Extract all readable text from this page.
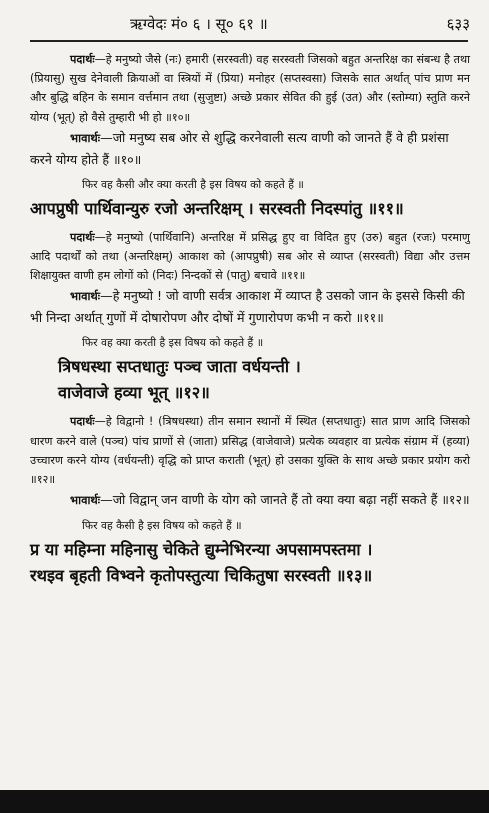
ऋग्वेदः मं० ६ । सू० ६१ ॥	६३३

पदार्थः—हे मनुष्यो जैसे (नः) हमारी (सरस्वती) वह सरस्वती जिसको बहुत अन्तरिक्ष का संबन्ध है तथा (प्रियासु) सुख देनेवाली क्रियाओं वा स्त्रियों में (प्रिया) मनोहर (सप्तस्वसा) जिसके सात अर्थात् पांच प्राण मन और बुद्धि बहिन के समान वर्त्तमान तथा (सुजुष्टा) अच्छे प्रकार सेवित की हुई (उत) और (स्तोम्या) स्तुति करने योग्य (भूत्) हो वैसे तुम्हारी भी हो ॥१०॥

भावार्थः—जो मनुष्य सब ओर से शुद्धि करनेवाली सत्य वाणी को जानते हैं वे ही प्रशंसा करने योग्य होते हैं ॥१०॥

फिर वह कैसी और क्या करती है इस विषय को कहते हैं ॥

आपप्रुषी पार्थिवान्युरु रजो अन्तरिक्षम् । सरस्वती निदस्पांतु ॥११॥

पदार्थः—हे मनुष्यो (पार्थिवानि) अन्तरिक्ष में प्रसिद्ध हुए वा विदित हुए (उरु) बहुत (रजः) परमाणु आदि पदार्थों को तथा (अन्तरिक्षम्) आकाश को (आपप्रुषी) सब ओर से व्याप्त (सरस्वती) विद्या और उत्तम शिक्षायुक्त वाणी हम लोगों को (निदः) निन्दकों से (पातु) बचावे ॥११॥

भावार्थः—हे मनुष्यो ! जो वाणी सर्वत्र आकाश में व्याप्त है उसको जान के इससे किसी की भी निन्दा अर्थात् गुणों में दोषारोपण और दोषों में गुणारोपण कभी न करो ॥११॥

फिर वह क्या करती है इस विषय को कहते हैं ॥

त्रिषधस्था सप्तधातुः पञ्च जाता वर्धयन्ती ।

वाजेवाजे हव्या भूत् ॥१२॥

पदार्थः—हे विद्वानो ! (त्रिषधस्था) तीन समान स्थानों में स्थित (सप्तधातुः) सात प्राण आदि जिसको धारण करने वाले (पञ्च) पांच प्राणों से (जाता) प्रसिद्ध (वाजेवाजे) प्रत्येक व्यवहार वा प्रत्येक संग्राम में (हव्या) उच्चारण करने योग्य (वर्धयन्ती) वृद्धि को प्राप्त कराती (भूत्) हो उसका युक्ति के साथ अच्छे प्रकार प्रयोग करो ॥१२॥

भावार्थः—जो विद्वान् जन वाणी के योग को जानते हैं तो क्या क्या बढ़ा नहीं सकते हैं ॥१२॥

फिर वह कैसी है इस विषय को कहते हैं ॥

प्र या महिम्ना महिनासु चेकिते द्युम्नेभिरन्या अपसामपस्तमा ।

रथइव बृहती विभ्वने कृतोपस्तुत्या चिकितुषा सरस्वती ॥१३॥
